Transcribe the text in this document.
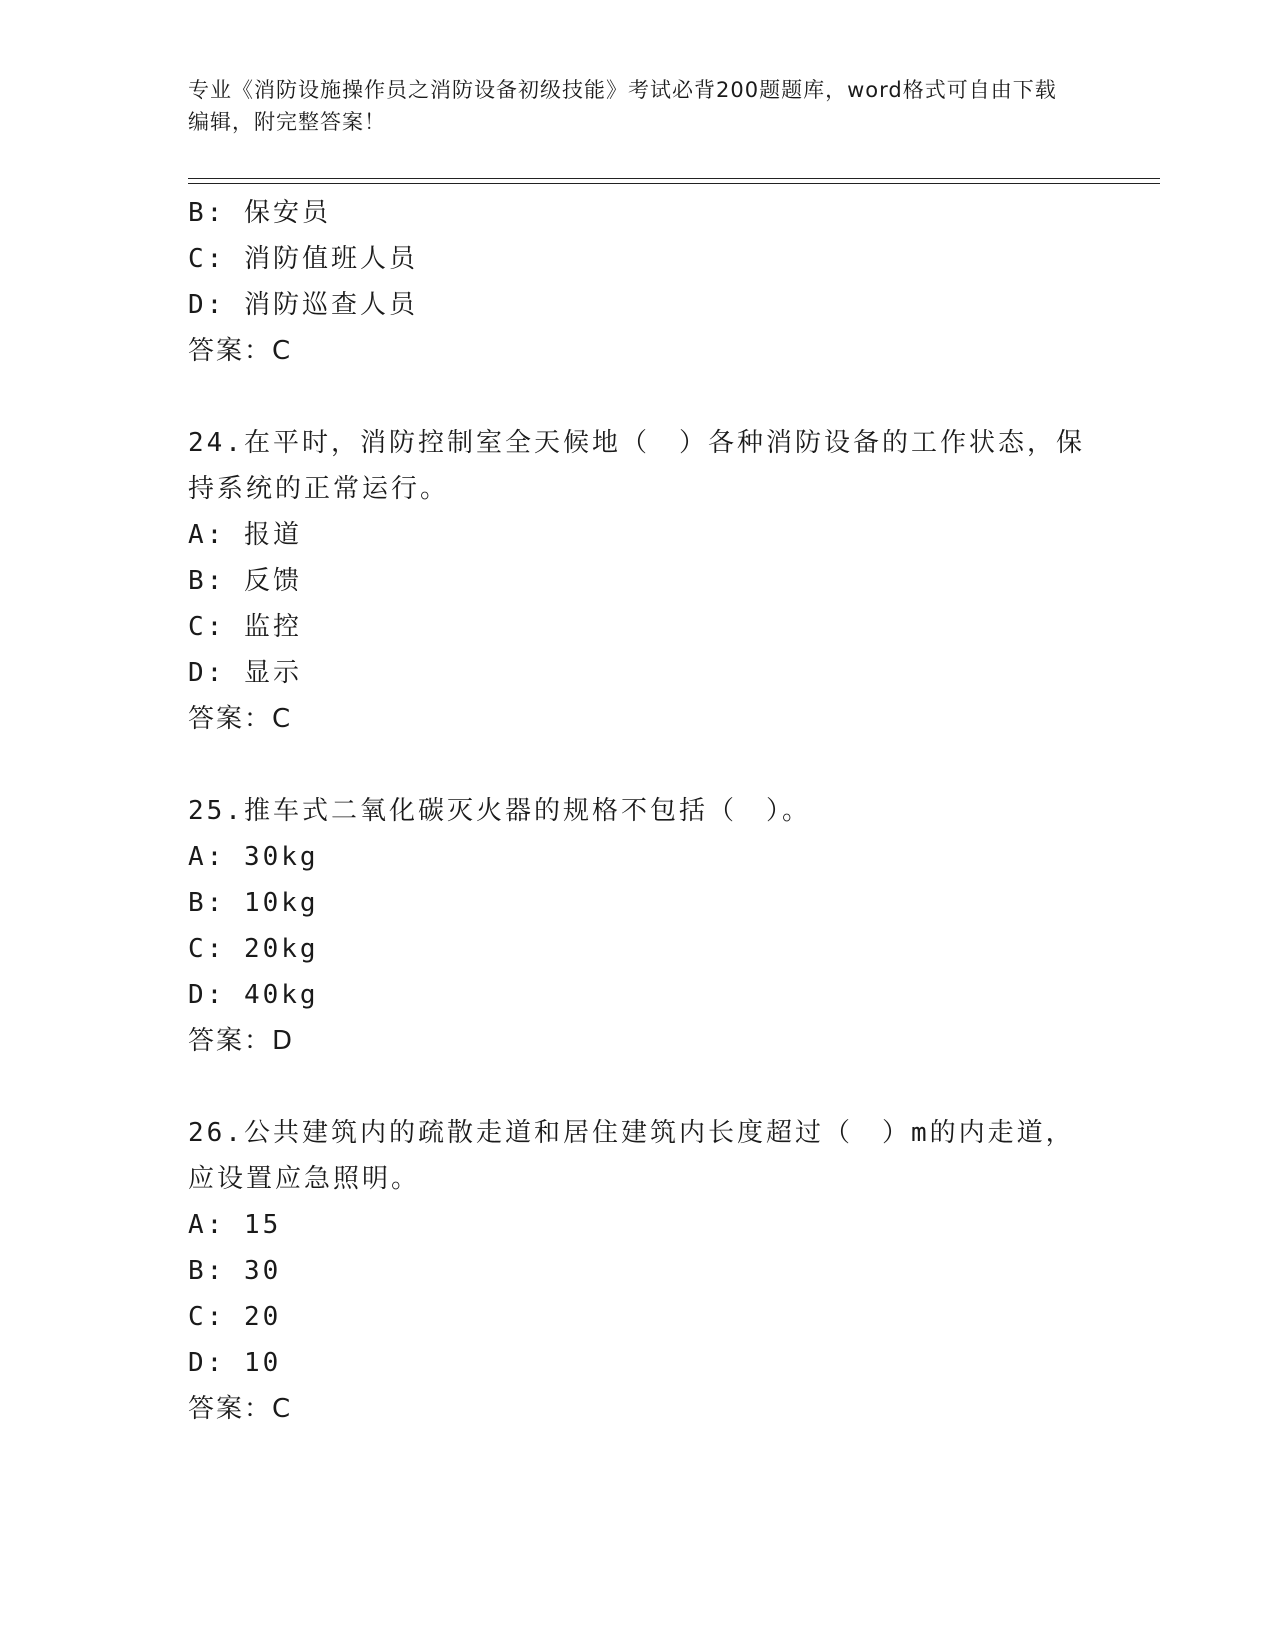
专业《消防设施操作员之消防设备初级技能》考试必背200题题库，word格式可自由下载编辑，附完整答案！
B: 保安员
C: 消防值班人员
D: 消防巡查人员
答案：C
24.在平时，消防控制室全天候地（　）各种消防设备的工作状态，保持系统的正常运行。
A: 报道
B: 反馈
C: 监控
D: 显示
答案：C
25.推车式二氧化碳灭火器的规格不包括（　）。
A: 30kg
B: 10kg
C: 20kg
D: 40kg
答案：D
26.公共建筑内的疏散走道和居住建筑内长度超过（　）m的内走道，应设置应急照明。
A: 15
B: 30
C: 20
D: 10
答案：C
